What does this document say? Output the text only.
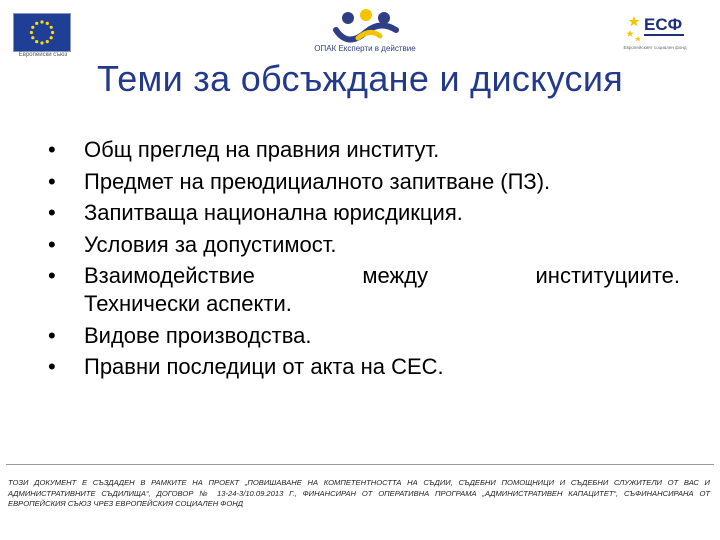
Европейски съюз
ОПАК Експерти в действие
ЕСФ
Европейският социален фонд
Теми за обсъждане и дискусия
• Общ преглед на правния институт.
• Предмет на преюдициалното запитване (ПЗ).
• Запитваща национална юрисдикция.
• Условия за допустимост.
• Взаимодействие	между	институциите.
Технически аспекти.
• Видове производства.
• Правни последици от акта на СЕС.
ТОЗИ ДОКУМЕНТ Е СЪЗДАДЕН В РАМКИТЕ НА ПРОЕКТ „ПОВИШАВАНЕ НА КОМПЕТЕНТНОСТТА НА СЪДИИ, СЪДЕБНИ ПОМОЩНИЦИ И СЪДЕБНИ СЛУЖИТЕЛИ ОТ ВАС И АДМИНИСТРАТИВНИТЕ СЪДИЛИЩА“, ДОГОВОР № 13-24-3/10.09.2013 Г., ФИНАНСИРАН ОТ ОПЕРАТИВНА ПРОГРАМА „АДМИНИСТРАТИВЕН КАПАЦИТЕТ“, СЪФИНАНСИРАНА ОТ ЕВРОПЕЙСКИЯ СЪЮЗ ЧРЕЗ ЕВРОПЕЙСКИЯ СОЦИАЛЕН ФОНД
